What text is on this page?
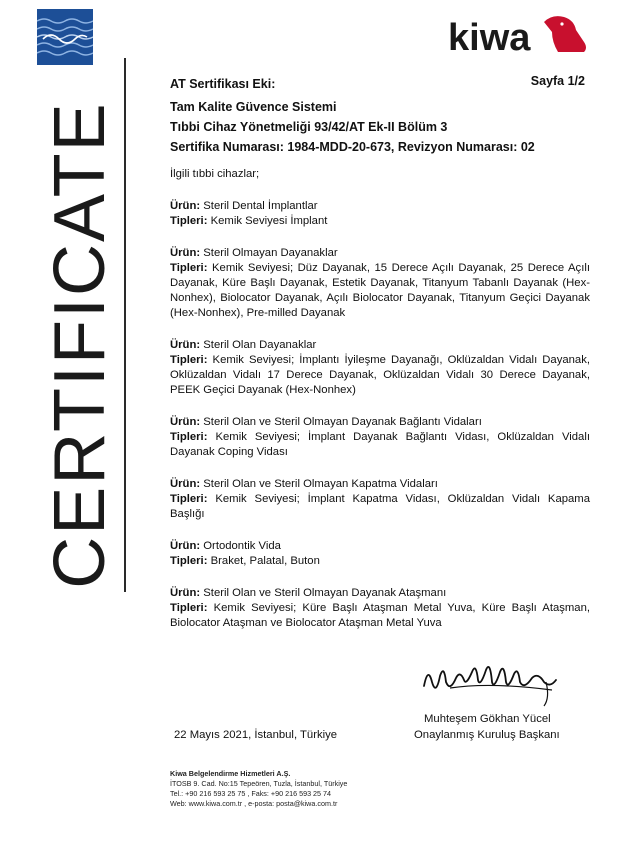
CERTIFICATE
kiwa
Sayfa 1/2
AT Sertifikası Eki:
Tam Kalite Güvence Sistemi
Tıbbi Cihaz Yönetmeliği 93/42/AT Ek-II Bölüm 3
Sertifika Numarası: 1984-MDD-20-673, Revizyon Numarası: 02
İlgili tıbbi cihazlar;
Ürün: Steril Dental İmplantlar
Tipleri: Kemik Seviyesi İmplant
Ürün: Steril Olmayan Dayanaklar
Tipleri: Kemik Seviyesi; Düz Dayanak, 15 Derece Açılı Dayanak, 25 Derece Açılı Dayanak, Küre Başlı Dayanak, Estetik Dayanak, Titanyum Tabanlı Dayanak (Hex-Nonhex), Biolocator Dayanak, Açılı Biolocator Dayanak, Titanyum Geçici Dayanak (Hex-Nonhex), Pre-milled Dayanak
Ürün: Steril Olan Dayanaklar
Tipleri: Kemik Seviyesi; İmplantı İyileşme Dayanağı, Oklüzaldan Vidalı Dayanak, Oklüzaldan Vidalı 17 Derece Dayanak, Oklüzaldan Vidalı 30 Derece Dayanak, PEEK Geçici Dayanak (Hex-Nonhex)
Ürün: Steril Olan ve Steril Olmayan Dayanak Bağlantı Vidaları
Tipleri: Kemik Seviyesi; İmplant Dayanak Bağlantı Vidası, Oklüzaldan Vidalı Dayanak Coping Vidası
Ürün: Steril Olan ve Steril Olmayan Kapatma Vidaları
Tipleri: Kemik Seviyesi; İmplant Kapatma Vidası, Oklüzaldan Vidalı Kapama Başlığı
Ürün: Ortodontik Vida
Tipleri: Braket, Palatal, Buton
Ürün: Steril Olan ve Steril Olmayan Dayanak Ataşmanı
Tipleri: Kemik Seviyesi; Küre Başlı Ataşman Metal Yuva, Küre Başlı Ataşman, Biolocator Ataşman ve Biolocator Ataşman Metal Yuva
Muhteşem Gökhan Yücel
Onaylanmış Kuruluş Başkanı
22 Mayıs 2021, İstanbul, Türkiye
Kiwa Belgelendirme Hizmetleri A.Ş.
İTOSB 9. Cad. No:15 Tepeören, Tuzla, İstanbul, Türkiye
Tel.: +90 216 593 25 75 , Faks: +90 216 593 25 74
Web: www.kiwa.com.tr , e-posta: posta@kiwa.com.tr
